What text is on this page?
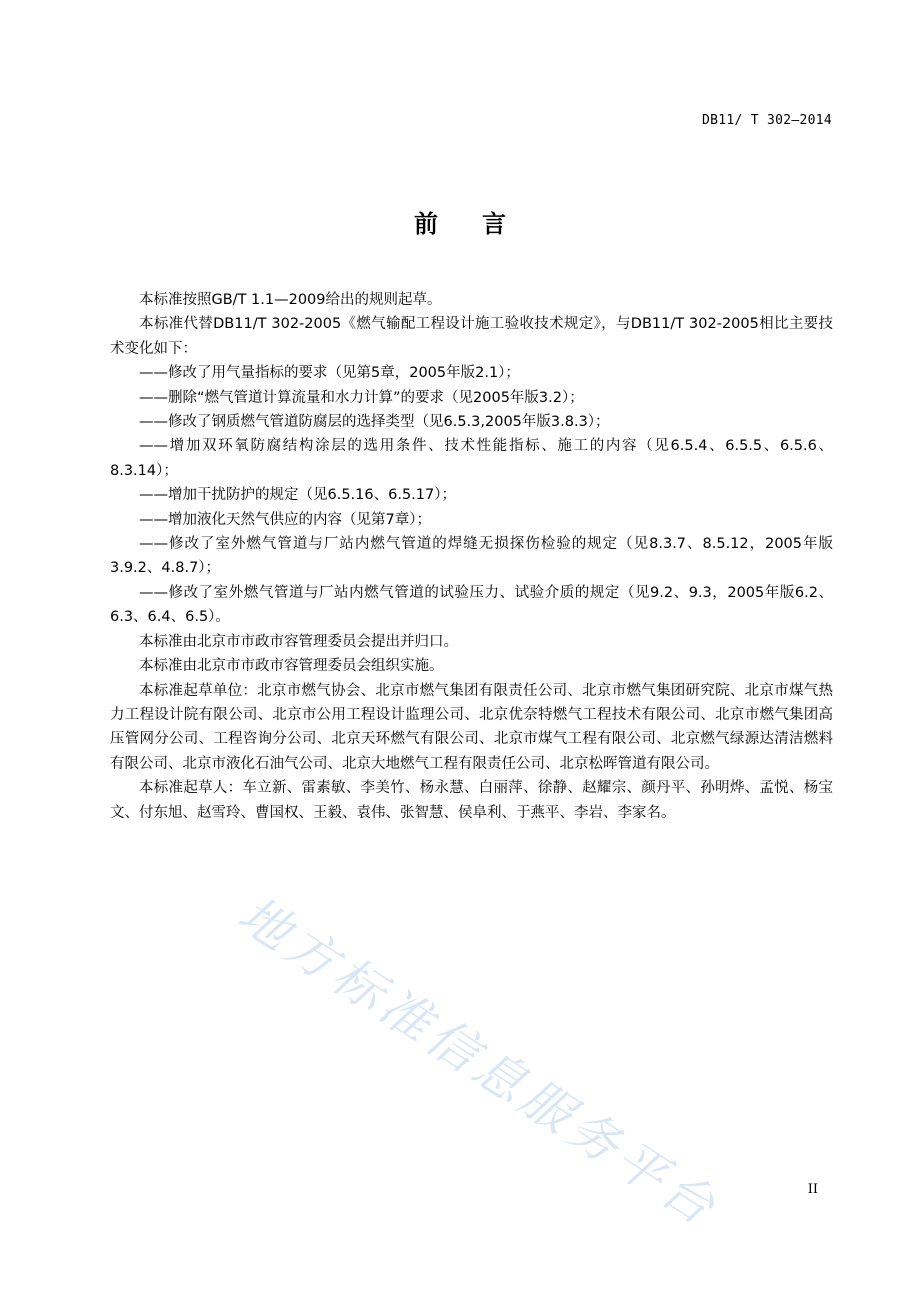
DB11/ T 302—2014
前言

本标准按照GB/T 1.1—2009给出的规则起草。

本标准代替DB11/T 302-2005《燃气输配工程设计施工验收技术规定》，与DB11/T 302-2005相比主要技术变化如下：

——修改了用气量指标的要求（见第5章，2005年版2.1）；

——删除“燃气管道计算流量和水力计算”的要求（见2005年版3.2）；

——修改了钢质燃气管道防腐层的选择类型（见6.5.3,2005年版3.8.3）；

——增加双环氧防腐结构涂层的选用条件、技术性能指标、施工的内容（见6.5.4、6.5.5、6.5.6、8.3.14）；

——增加干扰防护的规定（见6.5.16、6.5.17）；

——增加液化天然气供应的内容（见第7章）；

——修改了室外燃气管道与厂站内燃气管道的焊缝无损探伤检验的规定（见8.3.7、8.5.12，2005年版3.9.2、4.8.7）；

——修改了室外燃气管道与厂站内燃气管道的试验压力、试验介质的规定（见9.2、9.3，2005年版6.2、6.3、6.4、6.5）。

本标准由北京市市政市容管理委员会提出并归口。

本标准由北京市市政市容管理委员会组织实施。

本标准起草单位：北京市燃气协会、北京市燃气集团有限责任公司、北京市燃气集团研究院、北京市煤气热力工程设计院有限公司、北京市公用工程设计监理公司、北京优奈特燃气工程技术有限公司、北京市燃气集团高压管网分公司、工程咨询分公司、北京天环燃气有限公司、北京市煤气工程有限公司、北京燃气绿源达清洁燃料有限公司、北京市液化石油气公司、北京大地燃气工程有限责任公司、北京松晖管道有限公司。

本标准起草人：车立新、雷素敏、李美竹、杨永慧、白丽萍、徐静、赵耀宗、颜丹平、孙明烨、孟悦、杨宝文、付东旭、赵雪玲、曹国权、王毅、袁伟、张智慧、侯阜利、于燕平、李岩、李家名。

地方标准信息服务平台	II
